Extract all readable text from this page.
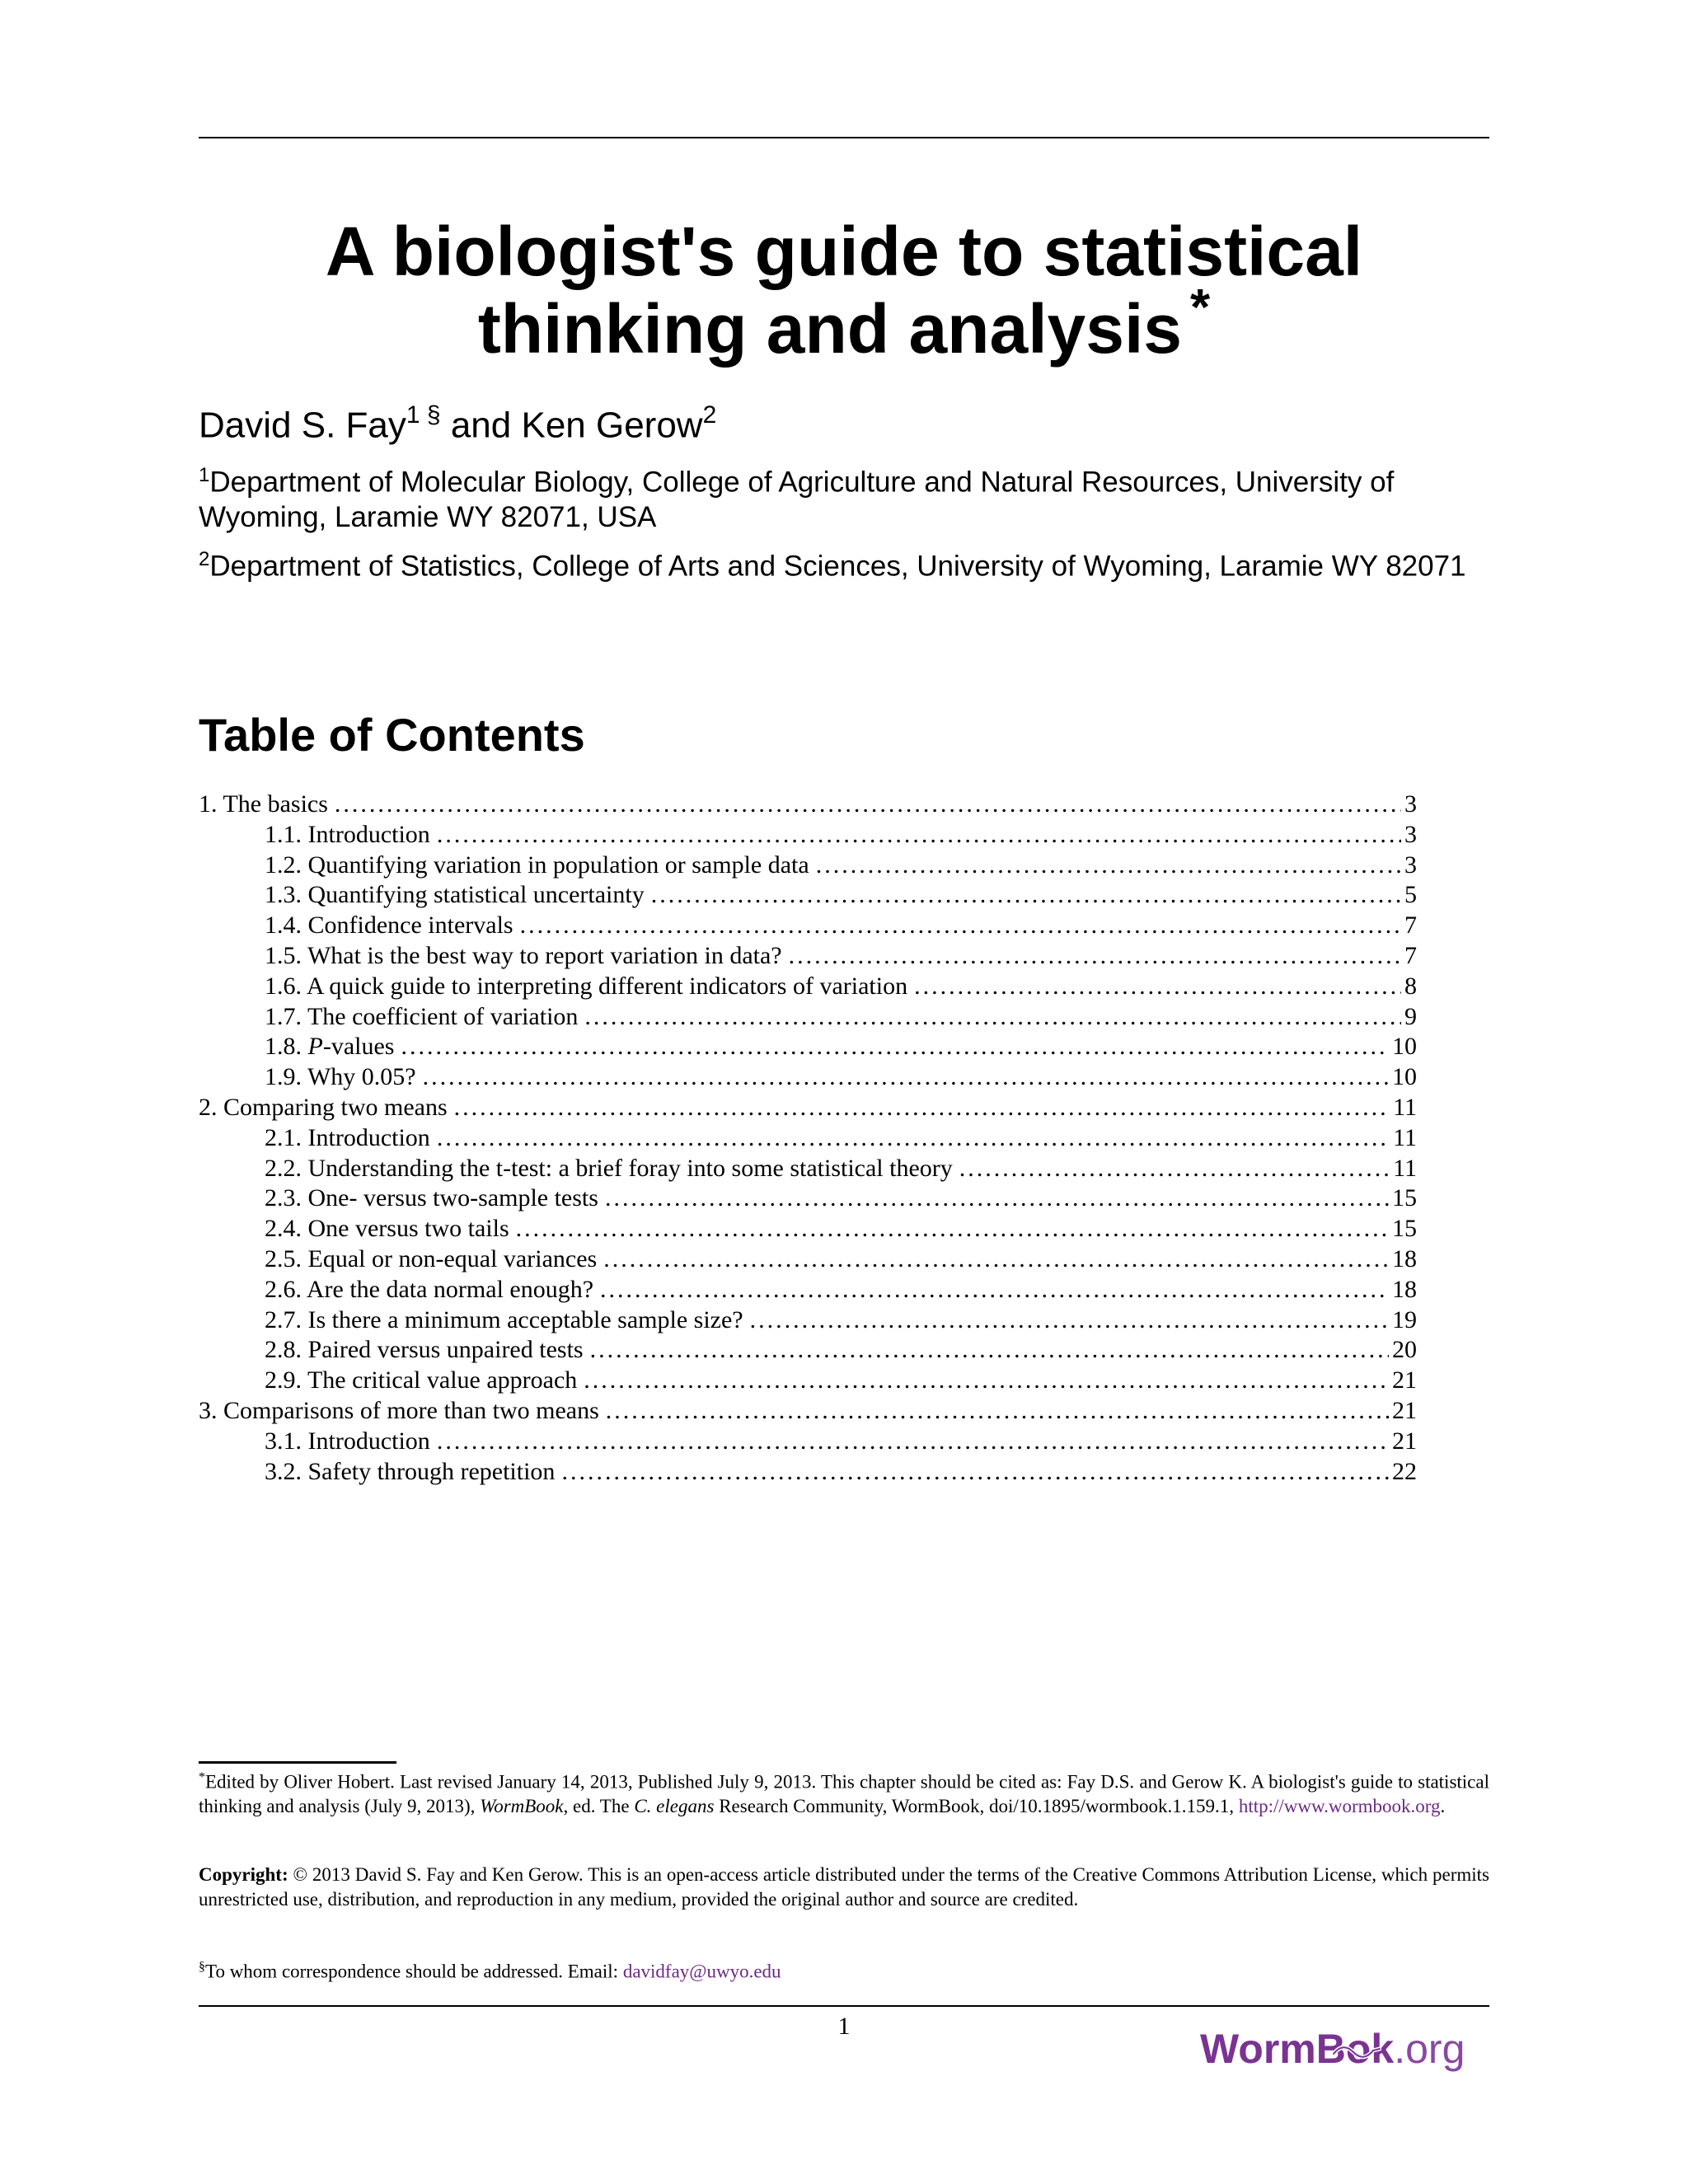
A biologist's guide to statistical
thinking and analysis *
David S. Fay$^{1 \S}$ and Ken Gerow$^2$
$^1$Department of Molecular Biology, College of Agriculture and Natural Resources, University of Wyoming, Laramie WY 82071, USA
$^2$Department of Statistics, College of Arts and Sciences, University of Wyoming, Laramie WY 82071
Table of Contents
1. The basics .....	3
1.1. Introduction .....	3
1.2. Quantifying variation in population or sample data .....	3
1.3. Quantifying statistical uncertainty .....	5
1.4. Confidence intervals .....	7
1.5. What is the best way to report variation in data? .....	7
1.6. A quick guide to interpreting different indicators of variation .....	8
1.7. The coefficient of variation .....	9
1.8. P-values .....	10
1.9. Why 0.05? .....	10
2. Comparing two means .....	11
2.1. Introduction .....	11
2.2. Understanding the t-test: a brief foray into some statistical theory .....	11
2.3. One- versus two-sample tests .....	15
2.4. One versus two tails .....	15
2.5. Equal or non-equal variances .....	18
2.6. Are the data normal enough? .....	18
2.7. Is there a minimum acceptable sample size? .....	19
2.8. Paired versus unpaired tests .....	20
2.9. The critical value approach .....	21
3. Comparisons of more than two means .....	21
3.1. Introduction .....	21
3.2. Safety through repetition .....	22
*Edited by Oliver Hobert. Last revised January 14, 2013, Published July 9, 2013. This chapter should be cited as: Fay D.S. and Gerow K. A biologist's guide to statistical thinking and analysis (July 9, 2013), WormBook, ed. The C. elegans Research Community, WormBook, doi/10.1895/wormbook.1.159.1, http://www.wormbook.org.
Copyright: © 2013 David S. Fay and Ken Gerow. This is an open-access article distributed under the terms of the Creative Commons Attribution License, which permits unrestricted use, distribution, and reproduction in any medium, provided the original author and source are credited.
§To whom correspondence should be addressed. Email: davidfay@uwyo.edu
1	WormBok.org
